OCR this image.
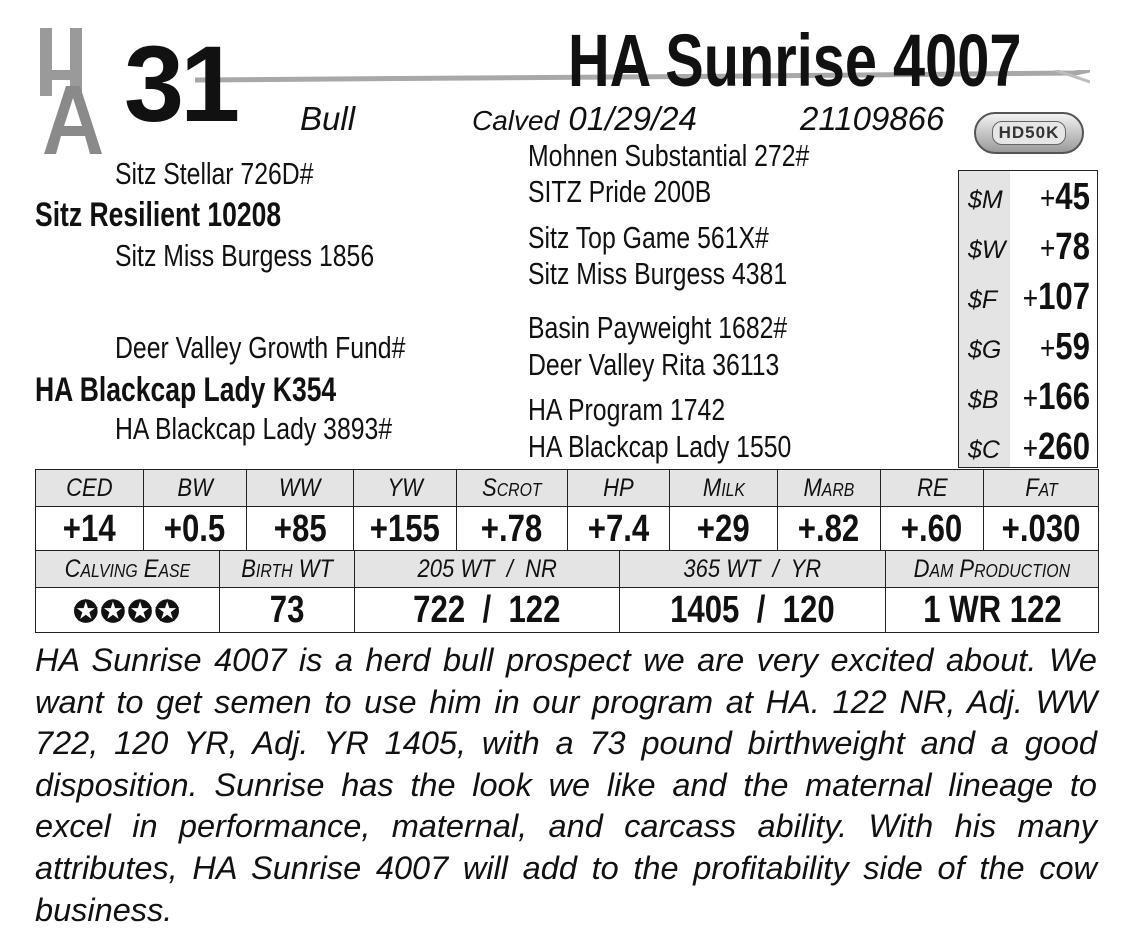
31	HA Sunrise 4007
Bull	Calved 01/29/24	21109866	HD50K
Sitz Stellar 726D#
Sitz Resilient 10208
Sitz Miss Burgess 1856
Deer Valley Growth Fund#
HA Blackcap Lady K354
HA Blackcap Lady 3893#
Mohnen Substantial 272#
SITZ Pride 200B
Sitz Top Game 561X#
Sitz Miss Burgess 4381
Basin Payweight 1682#
Deer Valley Rita 36113
HA Program 1742
HA Blackcap Lady 1550
$M	+45
$W	+78
$F +107
$G	+59
$B +166
$C +260
CED	BW	WW	YW	Scrot	HP	Milk	Marb	RE	Fat
+14	+0.5	+85	+155	+.78	+7.4	+29	+.82	+.60	+.030
Calving Ease	Birth WT	205 WT  /  NR	365 WT  /  YR	Dam Production
✪✪✪✪	73	722  /  122	1405  /  120	1 WR 122
HA Sunrise 4007 is a herd bull prospect we are very excited about. We want to get semen to use him in our program at HA. 122 NR, Adj. WW 722, 120 YR, Adj. YR 1405, with a 73 pound birthweight and a good disposition. Sunrise has the look we like and the maternal lineage to excel in performance, maternal, and carcass ability. With his many attributes, HA Sunrise 4007 will add to the profitability side of the cow business.
